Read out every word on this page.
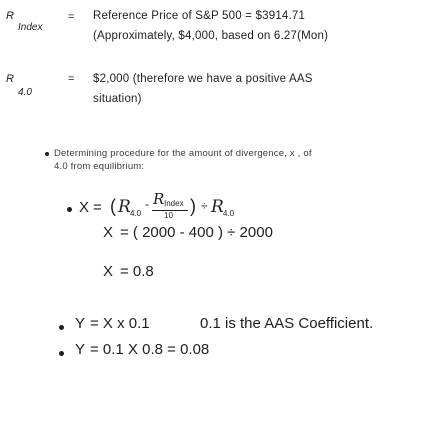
R
Index
= Reference Price of S&P 500 = $3914.71
(Approximately, $4,000, based on 6.27(Mon)
R
4.0
= $2,000 (therefore we have a positive AAS
situation)
Determining procedure for the amount of divergence, x , of
4.0 from equilibrium:
X = ( R 4.0
- R Index
10 ) ÷ R 4.0
X = ( 2000 - 400 ) ÷ 2000
X = 0.8
Y = X x 0.1	0.1 is the AAS Coefficient.
Y = 0.1 X 0.8 = 0.08
